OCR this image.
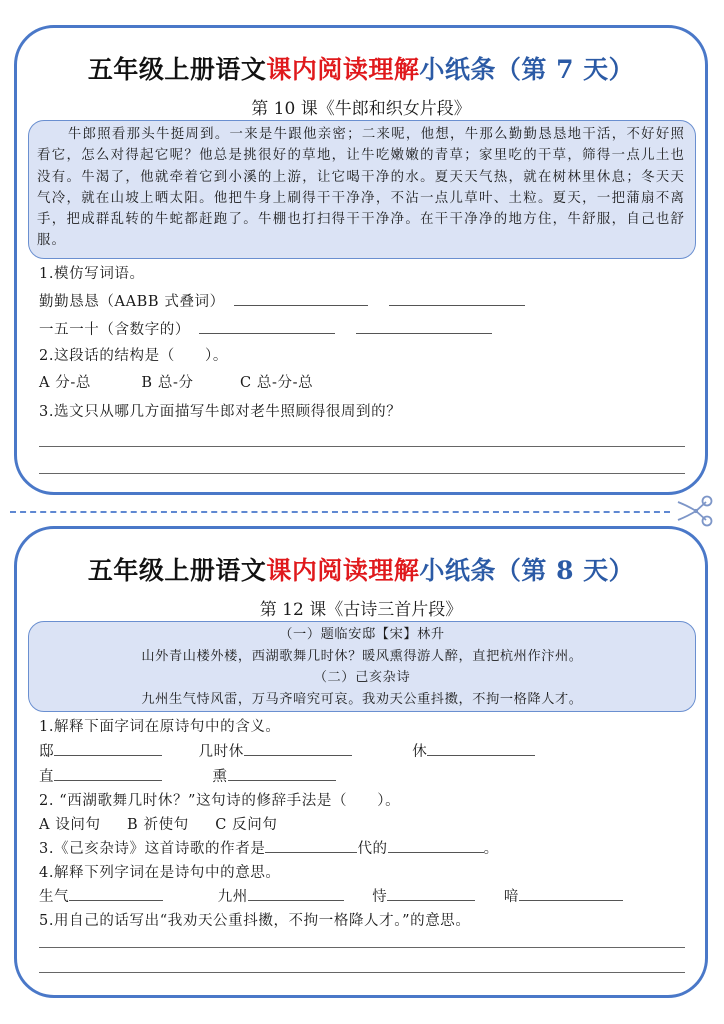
五年级上册语文课内阅读理解小纸条（第 7 天）
第 10 课《牛郎和织女片段》

牛郎照看那头牛挺周到。一来是牛跟他亲密；二来呢，他想，牛那么勤勤恳恳地干活，不好好照看它，怎么对得起它呢？他总是挑很好的草地，让牛吃嫩嫩的青草；家里吃的干草，筛得一点儿土也没有。牛渴了，他就牵着它到小溪的上游，让它喝干净的水。夏天天气热，就在树林里休息；冬天天气冷，就在山坡上晒太阳。他把牛身上刷得干干净净，不沾一点儿草叶、土粒。夏天，一把蒲扇不离手，把成群乱转的牛蛇都赶跑了。牛棚也打扫得干干净净。在干干净净的地方住，牛舒服，自己也舒服。

1.模仿写词语。
勤勤恳恳（AABB 式叠词）
一五一十（含数字的）
2.这段话的结构是（　　）。
A 分-总	B 总-分	C 总-分-总
3.选文只从哪几方面描写牛郎对老牛照顾得很周到的？
五年级上册语文课内阅读理解小纸条（第 8 天）
第 12 课《古诗三首片段》
（一）题临安邸【宋】林升
山外青山楼外楼，西湖歌舞几时休？暖风熏得游人醉，直把杭州作汴州。
（二）己亥杂诗
九州生气恃风雷，万马齐喑究可哀。我劝天公重抖擞，不拘一格降人才。
1.解释下面字词在原诗句中的含义。
邸	几时休	休
直	熏
2. “西湖歌舞几时休？”这句诗的修辞手法是（　　）。
A 设问句 B 祈使句 C 反问句
3.《己亥杂诗》这首诗歌的作者是	代的	。
4.解释下列字词在是诗句中的意思。
生气	九州	恃	喑
5.用自己的话写出“我劝天公重抖擞，不拘一格降人才。”的意思。
